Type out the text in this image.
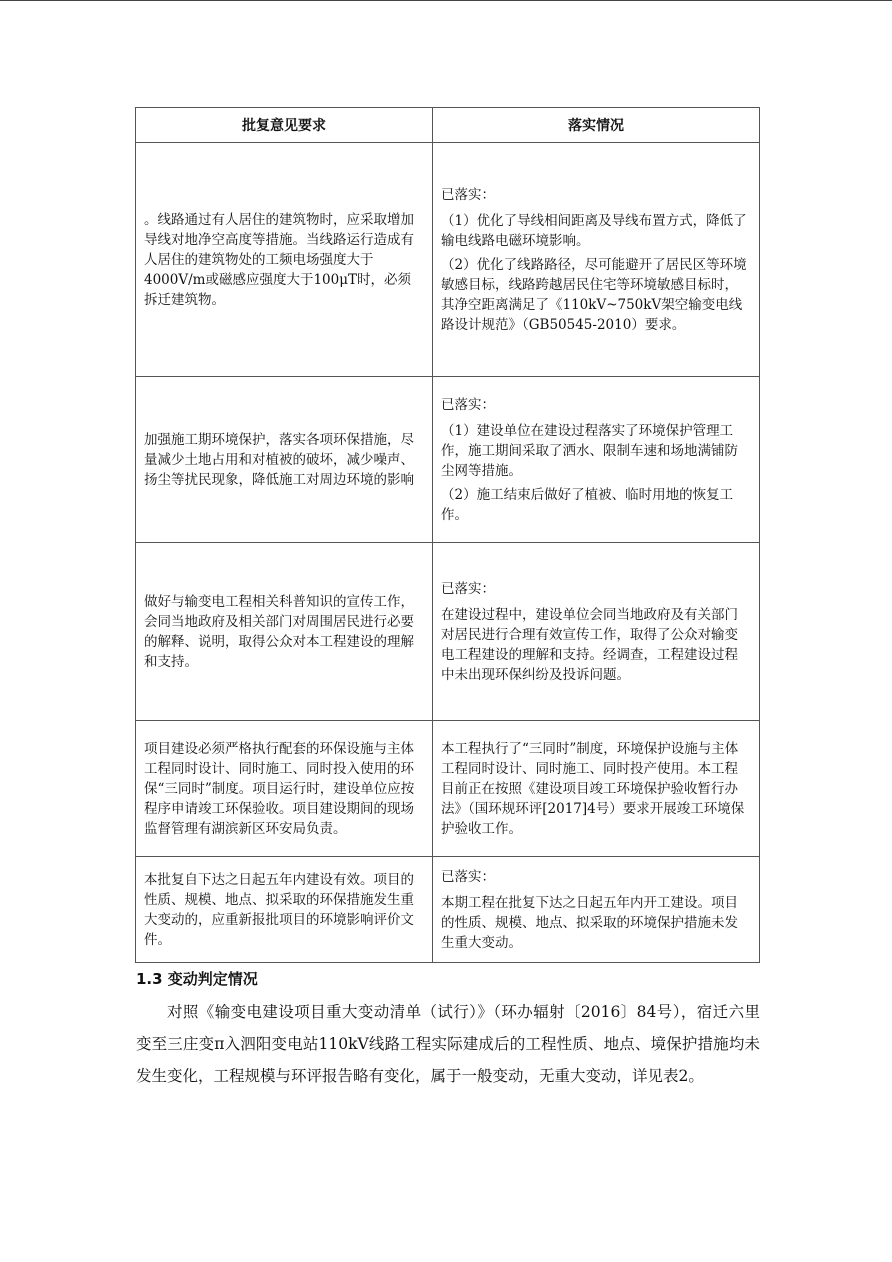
批复意见要求	落实情况
。线路通过有人居住的建筑物时，应采取增加导线对地净空高度等措施。当线路运行造成有人居住的建筑物处的工频电场强度大于4000V/m或磁感应强度大于100μT时，必须拆迁建筑物。	已落实：
（1）优化了导线相间距离及导线布置方式，降低了输电线路电磁环境影响。
（2）优化了线路路径，尽可能避开了居民区等环境敏感目标，线路跨越居民住宅等环境敏感目标时，其净空距离满足了《110kV~750kV架空输变电线路设计规范》（GB50545-2010）要求。

加强施工期环境保护，落实各项环保措施，尽量减少土地占用和对植被的破坏，减少噪声、扬尘等扰民现象，降低施工对周边环境的影响	已落实：
（1）建设单位在建设过程落实了环境保护管理工作，施工期间采取了洒水、限制车速和场地满铺防尘网等措施。
（2）施工结束后做好了植被、临时用地的恢复工作。

做好与输变电工程相关科普知识的宣传工作，会同当地政府及相关部门对周围居民进行必要的解释、说明，取得公众对本工程建设的理解和支持。	已落实：
在建设过程中，建设单位会同当地政府及有关部门对居民进行合理有效宣传工作，取得了公众对输变电工程建设的理解和支持。经调查，工程建设过程中未出现环保纠纷及投诉问题。

项目建设必须严格执行配套的环保设施与主体工程同时设计、同时施工、同时投入使用的环保“三同时”制度。项目运行时，建设单位应按程序申请竣工环保验收。项目建设期间的现场监督管理有湖滨新区环安局负责。	本工程执行了“三同时”制度，环境保护设施与主体工程同时设计、同时施工、同时投产使用。本工程目前正在按照《建设项目竣工环境保护验收暂行办法》（国环规环评[2017]4号）要求开展竣工环境保护验收工作。

本批复自下达之日起五年内建设有效。项目的性质、规模、地点、拟采取的环保措施发生重大变动的，应重新报批项目的环境影响评价文件。	已落实：
本期工程在批复下达之日起五年内开工建设。项目的性质、规模、地点、拟采取的环境保护措施未发生重大变动。
1.3 变动判定情况

对照《输变电建设项目重大变动清单（试行）》（环办辐射〔2016〕84号），宿迁六里变至三庄变π入泗阳变电站110kV线路工程实际建成后的工程性质、地点、境保护措施均未发生变化，工程规模与环评报告略有变化，属于一般变动，无重大变动，详见表2。
